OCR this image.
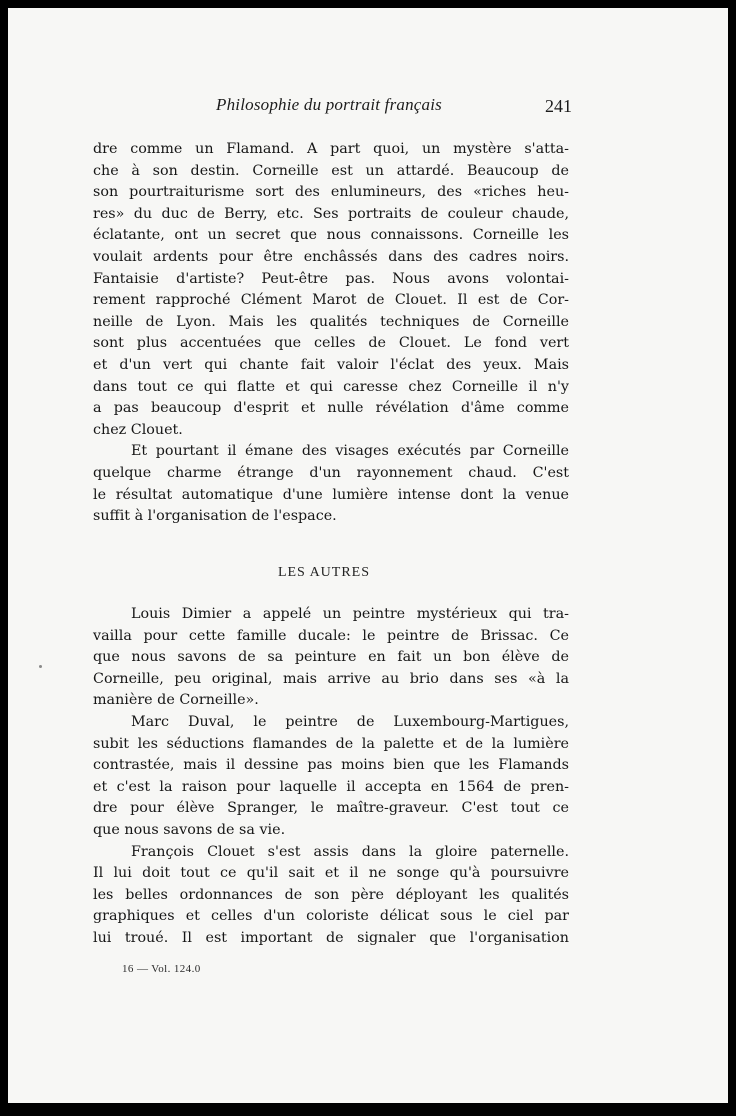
Philosophie du portrait français	241
dre comme un Flamand. A part quoi, un mystère s'atta-
che à son destin. Corneille est un attardé. Beaucoup de
son pourtraiturisme sort des enlumineurs, des «riches heu-
res» du duc de Berry, etc. Ses portraits de couleur chaude,
éclatante, ont un secret que nous connaissons. Corneille les
voulait ardents pour être enchâssés dans des cadres noirs.
Fantaisie d'artiste? Peut-être pas. Nous avons volontai-
rement rapproché Clément Marot de Clouet. Il est de Cor-
neille de Lyon. Mais les qualités techniques de Corneille
sont plus accentuées que celles de Clouet. Le fond vert
et d'un vert qui chante fait valoir l'éclat des yeux. Mais
dans tout ce qui flatte et qui caresse chez Corneille il n'y
a pas beaucoup d'esprit et nulle révélation d'âme comme
chez Clouet.
Et pourtant il émane des visages exécutés par Corneille
quelque charme étrange d'un rayonnement chaud. C'est
le résultat automatique d'une lumière intense dont la venue
suffit à l'organisation de l'espace.
LES AUTRES
Louis Dimier a appelé un peintre mystérieux qui tra-
vailla pour cette famille ducale: le peintre de Brissac. Ce
que nous savons de sa peinture en fait un bon élève de
Corneille, peu original, mais arrive au brio dans ses «à la
manière de Corneille».
Marc Duval, le peintre de Luxembourg-Martigues,
subit les séductions flamandes de la palette et de la lumière
contrastée, mais il dessine pas moins bien que les Flamands
et c'est la raison pour laquelle il accepta en 1564 de pren-
dre pour élève Spranger, le maître-graveur. C'est tout ce
que nous savons de sa vie.
François Clouet s'est assis dans la gloire paternelle.
Il lui doit tout ce qu'il sait et il ne songe qu'à poursuivre
les belles ordonnances de son père déployant les qualités
graphiques et celles d'un coloriste délicat sous le ciel par
lui troué. Il est important de signaler que l'organisation
16 — Vol. 124.0
